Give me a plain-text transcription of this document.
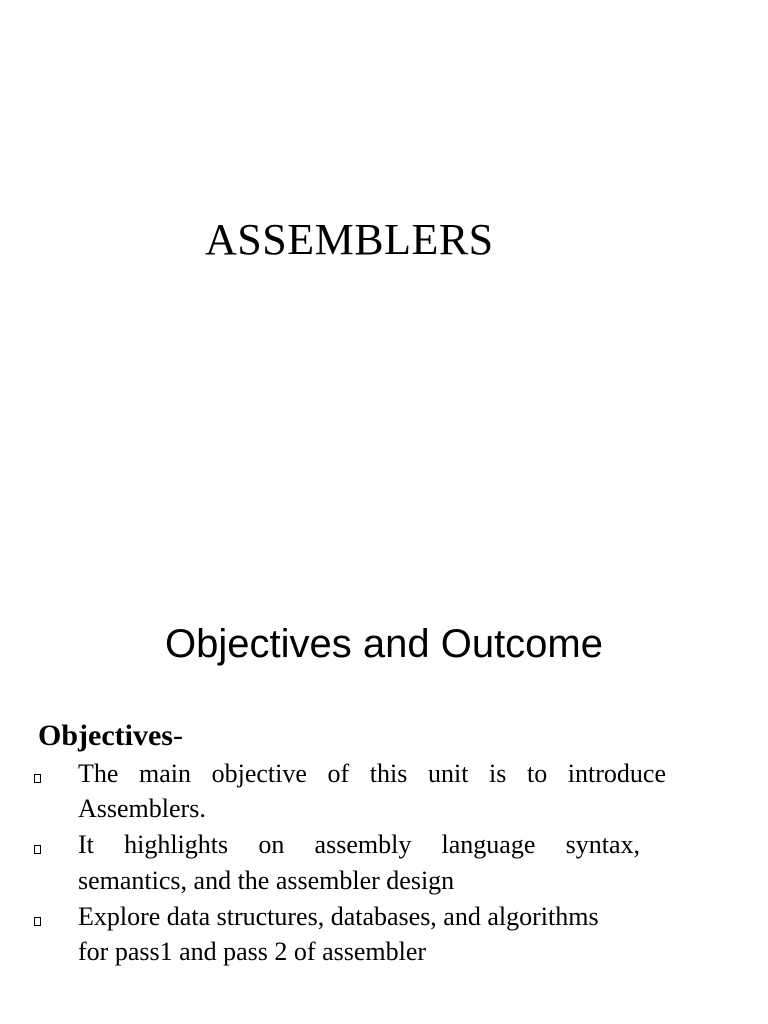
ASSEMBLERS
Objectives and Outcome
Objectives-
The main objective of this unit is to introduce
Assemblers.
It highlights on assembly language syntax,
semantics, and the assembler design
Explore data structures, databases, and algorithms
for pass1 and pass 2 of assembler
